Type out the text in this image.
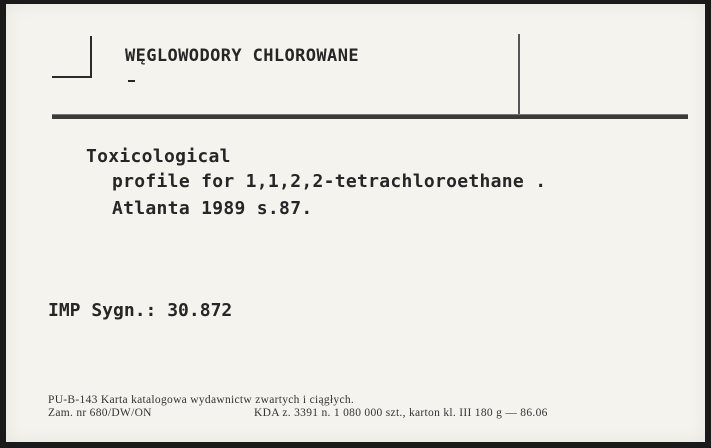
WĘGLOWODORY CHLOROWANE
Toxicological
profile for 1,1,2,2-tetrachloroethane .
Atlanta 1989 s.87.
IMP Sygn.: 30.872
PU-B-143 Karta katalogowa wydawnictw zwartych i ciągłych.
Zam. nr 680/DW/ON	KDA z. 3391 n. 1 080 000 szt., karton kl. III 180 g — 86.06
